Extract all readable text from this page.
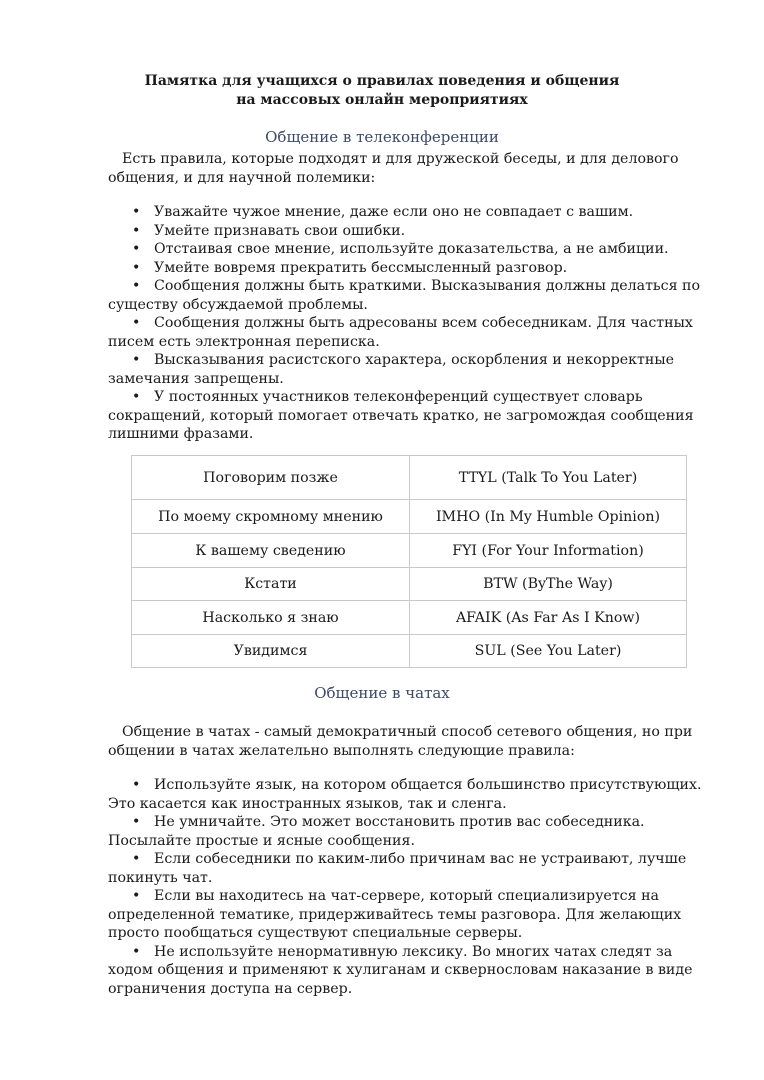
Памятка для учащихся о правилах поведения и общения
на массовых онлайн мероприятиях
Общение в телеконференции
Есть правила, которые подходят и для дружеской беседы, и для делового общения, и для научной полемики:
• Уважайте чужое мнение, даже если оно не совпадает с вашим.
• Умейте признавать свои ошибки.
• Отстаивая свое мнение, используйте доказательства, а не амбиции.
• Умейте вовремя прекратить бессмысленный разговор.
• Сообщения должны быть краткими. Высказывания должны делаться по существу обсуждаемой проблемы.
• Сообщения должны быть адресованы всем собеседникам. Для частных писем есть электронная переписка.
• Высказывания расистского характера, оскорбления и некорректные замечания запрещены.
• У постоянных участников телеконференций существует словарь сокращений, который помогает отвечать кратко, не загромождая сообщения лишними фразами.
Поговорим позже	TTYL (Talk To You Later)
По моему скромному мнению	IMHO (In My Humble Opinion)
К вашему сведению	FYI (For Your Information)
Кстати	BTW (ByThe Way)
Насколько я знаю	AFAIK (As Far As I Know)
Увидимся	SUL (See You Later)
Общение в чатах
Общение в чатах - самый демократичный способ сетевого общения, но при общении в чатах желательно выполнять следующие правила:
• Используйте язык, на котором общается большинство присутствующих. Это касается как иностранных языков, так и сленга.
• Не умничайте. Это может восстановить против вас собеседника. Посылайте простые и ясные сообщения.
• Если собеседники по каким-либо причинам вас не устраивают, лучше покинуть чат.
• Если вы находитесь на чат-сервере, который специализируется на определенной тематике, придерживайтесь темы разговора. Для желающих просто пообщаться существуют специальные серверы.
• Не используйте ненормативную лексику. Во многих чатах следят за ходом общения и применяют к хулиганам и сквернословам наказание в виде ограничения доступа на сервер.
